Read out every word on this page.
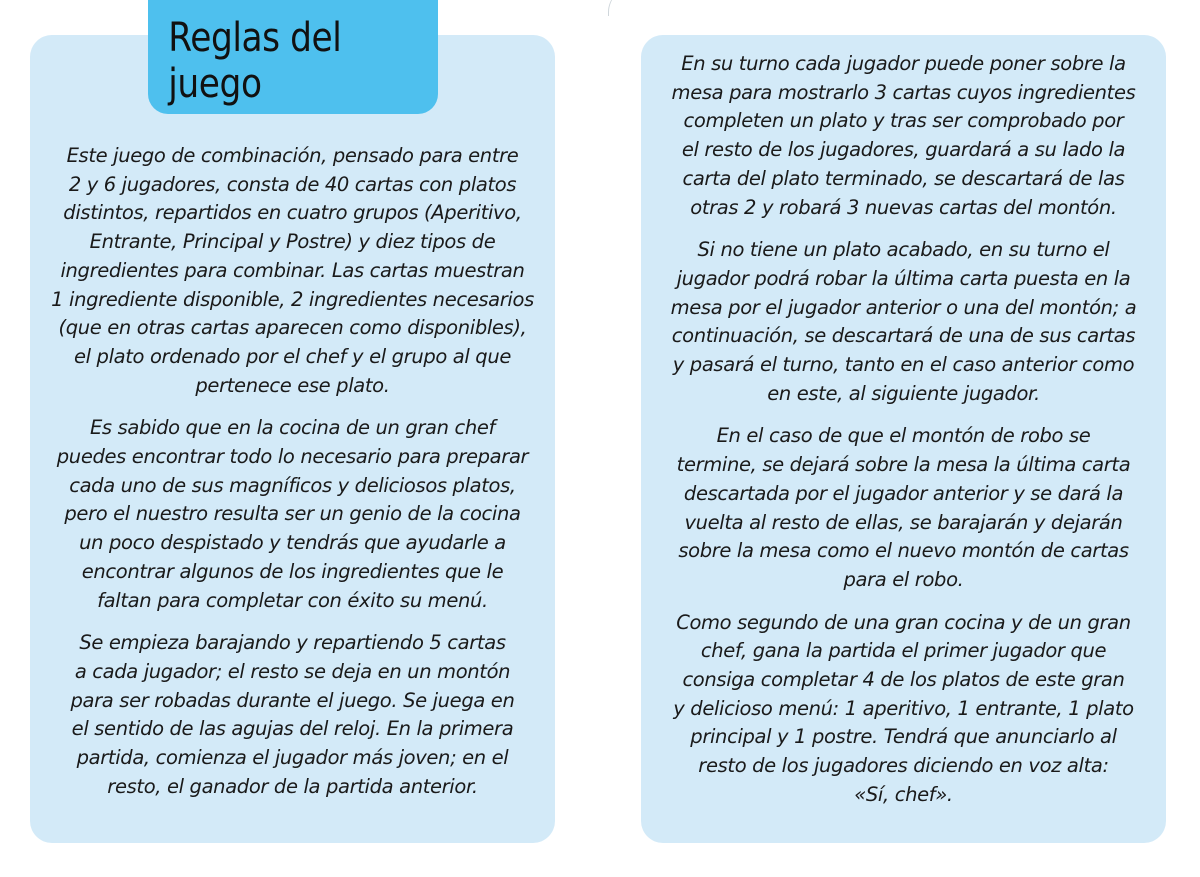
Este juego de combinación, pensado para entre
2 y 6 jugadores, consta de 40 cartas con platos
distintos, repartidos en cuatro grupos (Aperitivo,
Entrante, Principal y Postre) y diez tipos de
ingredientes para combinar. Las cartas muestran
1 ingrediente disponible, 2 ingredientes necesarios
(que en otras cartas aparecen como disponibles),
el plato ordenado por el chef y el grupo al que
pertenece ese plato.

Es sabido que en la cocina de un gran chef
puedes encontrar todo lo necesario para preparar
cada uno de sus magníficos y deliciosos platos,
pero el nuestro resulta ser un genio de la cocina
un poco despistado y tendrás que ayudarle a
encontrar algunos de los ingredientes que le
faltan para completar con éxito su menú.

Se empieza barajando y repartiendo 5 cartas
a cada jugador; el resto se deja en un montón
para ser robadas durante el juego. Se juega en
el sentido de las agujas del reloj. En la primera
partida, comienza el jugador más joven; en el
resto, el ganador de la partida anterior.

Reglas del juego	En su turno cada jugador puede poner sobre la
mesa para mostrarlo 3 cartas cuyos ingredientes
completen un plato y tras ser comprobado por
el resto de los jugadores, guardará a su lado la
carta del plato terminado, se descartará de las
otras 2 y robará 3 nuevas cartas del montón.

Si no tiene un plato acabado, en su turno el
jugador podrá robar la última carta puesta en la
mesa por el jugador anterior o una del montón; a
continuación, se descartará de una de sus cartas
y pasará el turno, tanto en el caso anterior como
en este, al siguiente jugador.

En el caso de que el montón de robo se
termine, se dejará sobre la mesa la última carta
descartada por el jugador anterior y se dará la
vuelta al resto de ellas, se barajarán y dejarán
sobre la mesa como el nuevo montón de cartas
para el robo.

Como segundo de una gran cocina y de un gran
chef, gana la partida el primer jugador que
consiga completar 4 de los platos de este gran
y delicioso menú: 1 aperitivo, 1 entrante, 1 plato
principal y 1 postre. Tendrá que anunciarlo al
resto de los jugadores diciendo en voz alta:
«Sí, chef».
